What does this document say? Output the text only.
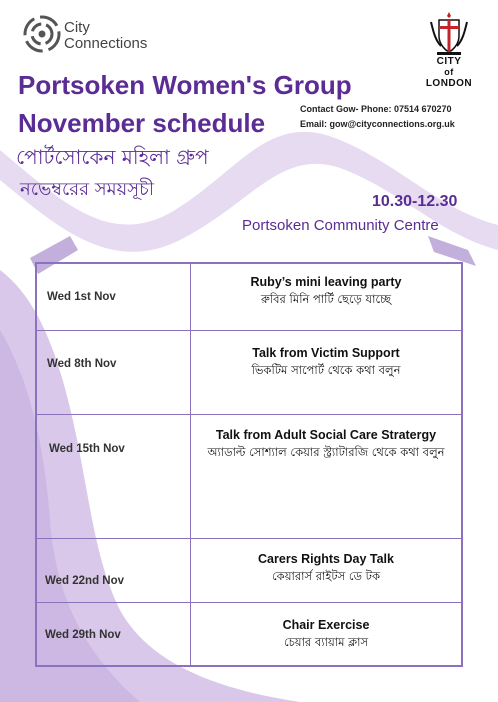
City
Connections
CITY
of
LONDON
Portsoken Women's Group
November schedule
পোর্টসোকেন মহিলা গ্রুপ
নভেম্বরের সময়সূচী
Contact Gow- Phone: 07514 670270
Email: gow@cityconnections.org.uk
10.30-12.30
Portsoken Community Centre
Wed 1st Nov
Ruby’s mini leaving party
রুবির মিনি পার্টি ছেড়ে যাচ্ছে
Wed 8th Nov
Talk from Victim Support
ভিকটিম সাপোর্ট থেকে কথা বলুন
Wed 15th Nov
Talk from Adult Social Care Stratergy
অ্যাডাল্ট সোশ্যাল কেয়ার স্ট্র্যাটারজি থেকে কথা বলুন
Wed 22nd Nov
Carers Rights Day Talk
কেয়ারার্স রাইটস ডে টক
Wed 29th Nov
Chair Exercise
চেয়ার ব্যায়াম ক্লাস
